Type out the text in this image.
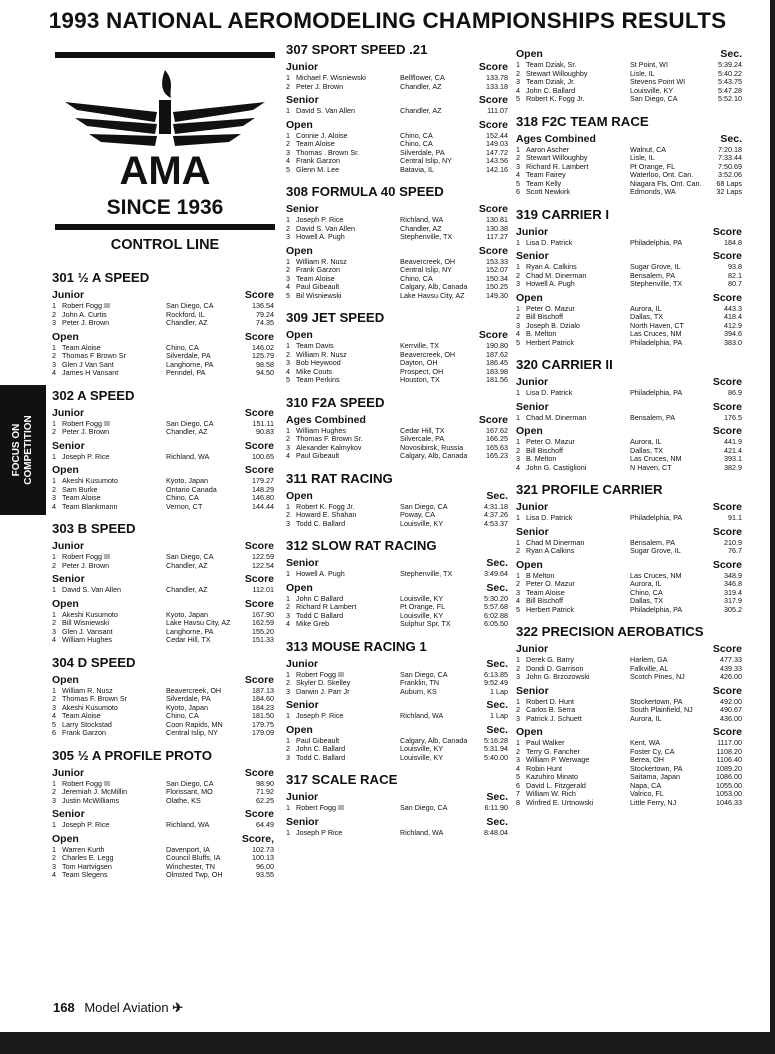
1993 NATIONAL AEROMODELING CHAMPIONSHIPS RESULTS
AMA
SINCE 1936
CONTROL LINE
FOCUS ON COMPETITION
301 ½ A SPEED
Junior	Score
1 Robert Fogg III	San Diego, CA	136.54
2 John A. Curtis	Rockford, IL	79.24
3 Peter J. Brown	Chandler, AZ	74.35
Open	Score
1 Team Aloise	Chino, CA	146.02
2 Thomas F Brown Sr	Silverdale, PA	125.79
3 Glen J Van Sant	Langhorne, PA	98.58
4 James H Vansant	Penndel, PA	94.50
302 A SPEED
Junior	Score
1 Robert Fogg III	San Diego, CA	151.11
2 Peter J. Brown	Chandler, AZ	90.83
Senior	Score
1 Joseph P. Rice	Richland, WA	100.65
Open	Score
1 Akeshi Kusumoto	Kyoto, Japan	179.27
2 Sam Burke	Ontario Canada	148.29
3 Team Aloise	Chino, CA	146.80
4 Team Blankmann	Vernon, CT	144.44
303 B SPEED
Junior	Score
1 Robert Fogg III	San Diego, CA	122.59
2 Peter J. Brown	Chandler, AZ	122.54
Senior	Score
1 David S. Van Allen	Chandler, AZ	112.01
Open	Score
1 Akeshi Kusumoto	Kyoto, Japan	167.90
2 Bill Wisniewski	Lake Havsu City, AZ	162.59
3 Glen J. Vansant	Langhorne, PA	155.20
4 William Hughes	Cedar Hill, TX	151.33
304 D SPEED
Open	Score
1 William R. Nusz	Beavercreek, OH	187.13
2 Thomas F. Brown Sr	Silverdale, PA	184.60
3 Akeshi Kusumoto	Kyoto, Japan	184.23
4 Team Aloise	Chino, CA	181.50
5 Larry Stockstad	Coon Rapids, MN	179.75
6 Frank Garzon	Central Islip, NY	179.09
305 ½ A PROFILE PROTO
Junior	Score
1 Robert Fogg III	San Diego, CA	98.90
2 Jeremiah J. McMillin	Florissant, MO	71.92
3 Justin McWilliams	Olathe, KS	62.25
Senior	Score
1 Joseph P. Rice	Richland, WA	64.49
Open	Score,
1 Warren Kurth	Davenport, IA	102.73
2 Charles E. Legg	Council Bluffs, IA	100.13
3 Tom Hartvigsen	Winchester, TN	96.00
4 Team Slegens	Olmsted Twp, OH	93.55
307 SPORT SPEED .21
Junior	Score
1 Michael F. Wisniewski	Bellflower, CA	133.78
2 Peter J. Brown	Chandler, AZ	133.18
Senior	Score
1 David S. Van Allen	Chandler, AZ	111.07
Open	Score
1 Connie J. Aloise	Chino, CA	152.44
2 Team Aloise	Chino, CA	149.03
3 Thomas . Brown Sr.	Silverdale, PA	147.72
4 Frank Garzon	Central Islip, NY	143.56
5 Glenn M. Lee	Batavia, IL	142.16
308 FORMULA 40 SPEED
Senior	Score
1 Joseph P. Rice	Richland, WA	130.81
2 David S. Van Allen	Chandler, AZ	130.38
3 Howell A. Pugh	Stephenville, TX	117.27
Open	Score
1 William R. Nusz	Beavercreek, OH	153.33
2 Frank Garzon	Central Islip, NY	152.07
3 Team Aloise	Chino, CA	150.34
4 Paul Gibeault	Calgary, Alb, Canada	150.25
5 Bil Wisniewski	Lake Havsu City, AZ	149.30
309 JET SPEED
Open	Score
1 Team Davis	Kerrville, TX	190.80
2 William R. Nusz	Beavercreek, OH	187.62
3 Bob Heywood	Dayton, OH	186.45
4 Mike Couts	Prospect, OH	183.98
5 Team Perkins	Houston, TX	181.56
310 F2A SPEED
Ages Combined	Score
1 William Hughes	Cedar Hill, TX	167.62
2 Thomas F. Brown Sr.	Silvercale, PA	166.25
3 Alexander Kalmykov	Novosibirsk, Russia	165.63
4 Paul Gibeault	Calgary, Alb, Canada	165.23
311 RAT RACING
Open	Sec.
1 Robert K. Fogg Jr.	San Diego, CA	4:31.18
2 Howard E. Shahan	Poway, CA	4:37.26
3 Todd C. Ballard	Louisville, KY	4:53.37
312 SLOW RAT RACING
Senior	Sec.
1 Howell A. Pugh	Stephenville, TX	3:49.64
Open	Sec.
1 John C Ballard	Louisville, KY	5:30.20
2 Richard R Lambert	Pt Orange, FL	5:57.68
3 Todd C Ballard	Louisville, KY	6:02.88
4 Mike Greb	Sulphur Spr, TX	6:05.50
313 MOUSE RACING 1
Junior	Sec.
1 Robert Fogg III	San Diego, CA	6:13.85
2 Skyler D. Skelley	Franklin, TN	9:52.49
3 Darwin J. Parr Jr	Auburn, KS	1 Lap
Senior	Sec.
1 Joseph P. Rice	Richland, WA	1 Lap
Open	Sec.
1 Paul Gibeault	Calgary, Alb, Canada	5:16.28
2 John C. Ballard	Louisville, KY	5:31.94
3 Todd C. Ballard	Louisville, KY	5:40.00
317 SCALE RACE
Junior	Sec.
1 Robert Fogg III	San Diego, CA	6:11.90
Senior	Sec.
1 Joseph P Rice	Richland, WA	8:48.04
Open	Sec.
1 Team Dziak, Sr.	St Point, WI	5:39.24
2 Stewart Willoughby	Lisle, IL	5:40.22
3 Team Dziak, Jr.	Stevens Point WI	5:43.75
4 John C. Ballard	Louisville, KY	5:47.28
5 Robert K. Fogg Jr.	San Diego, CA	5:52.10
318 F2C TEAM RACE
Ages Combined	Sec.
1 Aaron Ascher	Walnut, CA	7:20.18
2 Stewart Willoughby	Lisle, IL	7:33.44
3 Richard R. Lambert	Pt Orange, FL	7:50.69
4 Team Fairey	Waterloo, Ont. Can.	3:52.06
5 Team Kelly	Niagara Fls, Ont. Can.	68 Laps
6 Scott Newkirk	Edmonds, WA	32 Laps
319 CARRIER I
Junior	Score
1 Lisa D. Patrick	Philadelphia, PA	184.8
Senior	Score
1 Ryan A. Calkins	Sugar Grove, IL	93.8
2 Chad M. Dinerman	Bensalem, PA	82.1
3 Howell A. Pugh	Stephenville, TX	80.7
Open	Score
1 Peter O. Mazur	Aurora, IL	443.3
2 Bill Bischoff	Dallas, TX	418.4
3 Joseph B. Dzialo	North Haven, CT	412.9
4 B. Melton	Las Cruces, NM	394.6
5 Herbert Patrick	Philadelphia, PA	383.0
320 CARRIER II
Junior	Score
1 Lisa D. Patrick	Philadelphia, PA	86.9
Senior	Score
1 Chad M. Dinerman	Bensalem, PA	176.5
Open	Score
1 Peter O. Mazur	Aurora, IL	441.9
2 Bill Bischoff	Dallas, TX	421.4
3 B. Melton	Las Cruces, NM	393.1
4 John G. Castiglioni	N Haven, CT	382.9
321 PROFILE CARRIER
Junior	Score
1 Lisa D. Patrick	Philadelphia, PA	91.1
Senior	Score
1 Chad M Dinerman	Bensalem, PA	210.9
2 Ryan A Calkins	Sugar Grove, IL	76.7
Open	Score
1 B Melton	Las Cruces, NM	348.9
2 Peter O. Mazur	Aurora, IL	346.8
3 Team Aloise	Chino, CA	319.4
4 Bill Bischoff	Dallas, TX	317.9
5 Herbert Patrick	Philadelphia, PA	305.2
322 PRECISION AEROBATICS
Junior	Score
1 Derek G. Barry	Harlem, GA	477.33
2 Dondi D. Garrison	Falkville, AL	439.33
3 John G. Brzozowski	Scotch Pines, NJ	426.00
Senior	Score
1 Robert D. Hunt	Stockertown, PA	492.00
2 Carlos B. Serra	South Plainfield, NJ	490.67
3 Patrick J. Schuett	Aurora, IL	436.00
Open	Score
1 Paul Walker	Kent, WA	1117.00
2 Terry G. Fancher	Foster Cy, CA	1108.20
3 William P. Werwage	Berea, OH	1106.40
4 Robin Hunt	Stockertown, PA	1089.20
5 Kazuhiro Minato	Saitama, Japan	1086.00
6 David L. Fitzgerald	Napa, CA	1055.00
7 William W. Rich	Valrico, FL	1053.00
8 Winfred E. Urtnowski	Little Ferry, NJ	1046.33
168 Model Aviation ✈
